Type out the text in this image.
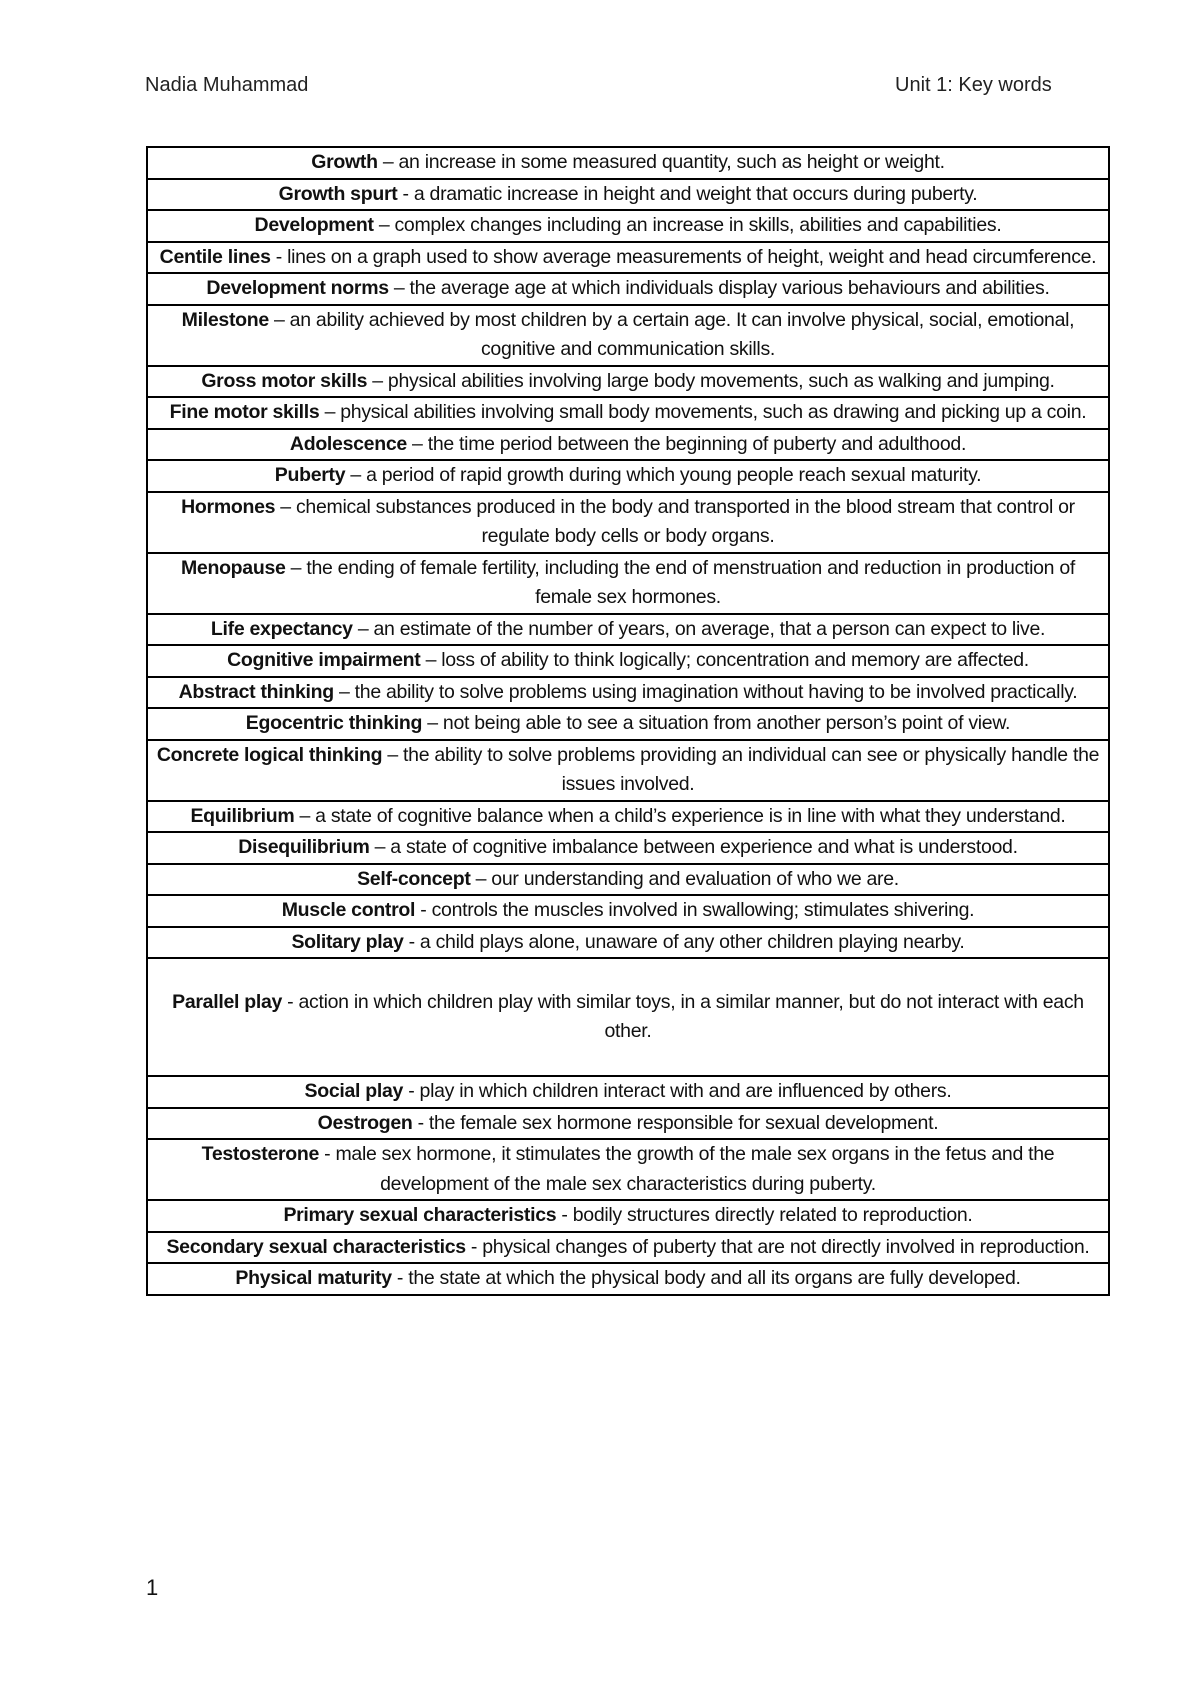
Nadia Muhammad	Unit 1: Key words
Growth – an increase in some measured quantity, such as height or weight.
Growth spurt - a dramatic increase in height and weight that occurs during puberty.
Development – complex changes including an increase in skills, abilities and capabilities.
Centile lines - lines on a graph used to show average measurements of height, weight and head circumference.
Development norms – the average age at which individuals display various behaviours and abilities.
Milestone – an ability achieved by most children by a certain age. It can involve physical, social, emotional, cognitive and communication skills.
Gross motor skills – physical abilities involving large body movements, such as walking and jumping.
Fine motor skills – physical abilities involving small body movements, such as drawing and picking up a coin.
Adolescence – the time period between the beginning of puberty and adulthood.
Puberty – a period of rapid growth during which young people reach sexual maturity.
Hormones – chemical substances produced in the body and transported in the blood stream that control or regulate body cells or body organs.
Menopause – the ending of female fertility, including the end of menstruation and reduction in production of female sex hormones.
Life expectancy – an estimate of the number of years, on average, that a person can expect to live.
Cognitive impairment – loss of ability to think logically; concentration and memory are affected.
Abstract thinking – the ability to solve problems using imagination without having to be involved practically.
Egocentric thinking – not being able to see a situation from another person’s point of view.
Concrete logical thinking – the ability to solve problems providing an individual can see or physically handle the issues involved.
Equilibrium – a state of cognitive balance when a child’s experience is in line with what they understand.
Disequilibrium – a state of cognitive imbalance between experience and what is understood.
Self-concept – our understanding and evaluation of who we are.
Muscle control - controls the muscles involved in swallowing; stimulates shivering.
Solitary play - a child plays alone, unaware of any other children playing nearby.
Parallel play - action in which children play with similar toys, in a similar manner, but do not interact with each other.
Social play - play in which children interact with and are influenced by others.
Oestrogen - the female sex hormone responsible for sexual development.
Testosterone - male sex hormone, it stimulates the growth of the male sex organs in the fetus and the development of the male sex characteristics during puberty.
Primary sexual characteristics - bodily structures directly related to reproduction.
Secondary sexual characteristics - physical changes of puberty that are not directly involved in reproduction.
Physical maturity - the state at which the physical body and all its organs are fully developed.
1
